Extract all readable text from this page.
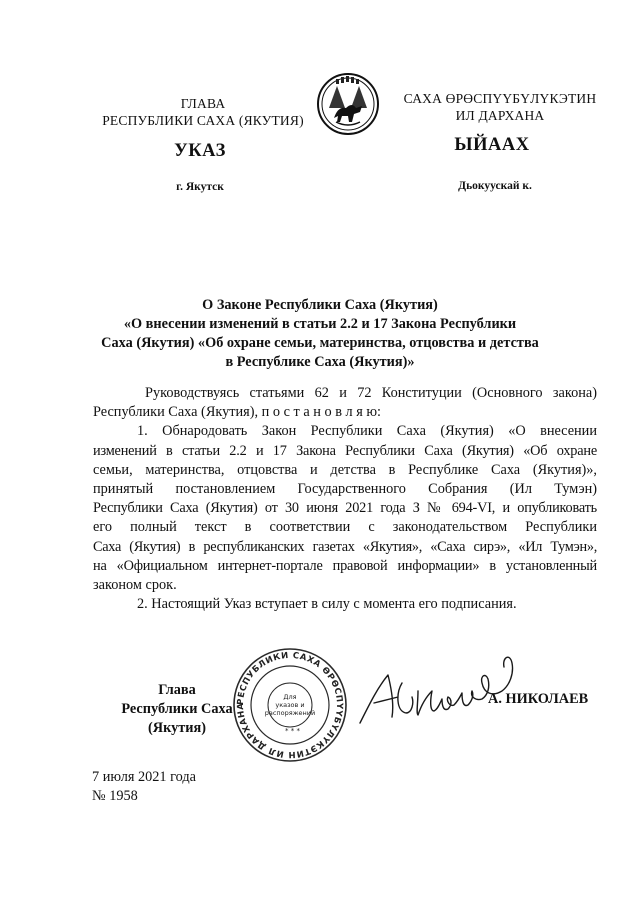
ГЛАВА
РЕСПУБЛИКИ САХА (ЯКУТИЯ)
САХА ӨРӨСПҮҮБҮЛҮКЭТИН
ИЛ ДАРХАНА
УКАЗ	ЫЙААХ
г. Якутск	Дьокуускай к.
О Законе Республики Саха (Якутия)
«О внесении изменений в статьи 2.2 и 17 Закона Республики
Саха (Якутия) «Об охране семьи, материнства, отцовства и детства
в Республике Саха (Якутия)»
Руководствуясь статьями 62 и 72 Конституции (Основного закона)
Республики Саха (Якутия), п о с т а н о в л я ю:
1. Обнародовать Закон Республики Саха (Якутия) «О внесении
изменений в статьи 2.2 и 17 Закона Республики Саха (Якутия) «Об охране
семьи, материнства, отцовства и детства в Республике Саха (Якутия)»,
принятый постановлением Государственного Собрания (Ил Тумэн)
Республики Саха (Якутия) от 30 июня 2021 года З № 694-VI, и опубликовать
его полный текст в соответствии с законодательством Республики
Саха (Якутия) в республиканских газетах «Якутия», «Саха сирэ», «Ил Тумэн»,
на «Официальном интернет-портале правовой информации» в установленный
законом срок.
2. Настоящий Указ вступает в силу с момента его подписания.
Глава
Республики Саха (Якутия)
РЕСПУБЛИКИ САХА ӨРӨСПҮҮБҮЛҮКЭТИН ИЛ ДАРХАНА
Для
указов и
распоряжений
* * *
А. НИКОЛАЕВ
7 июля 2021 года
№ 1958
